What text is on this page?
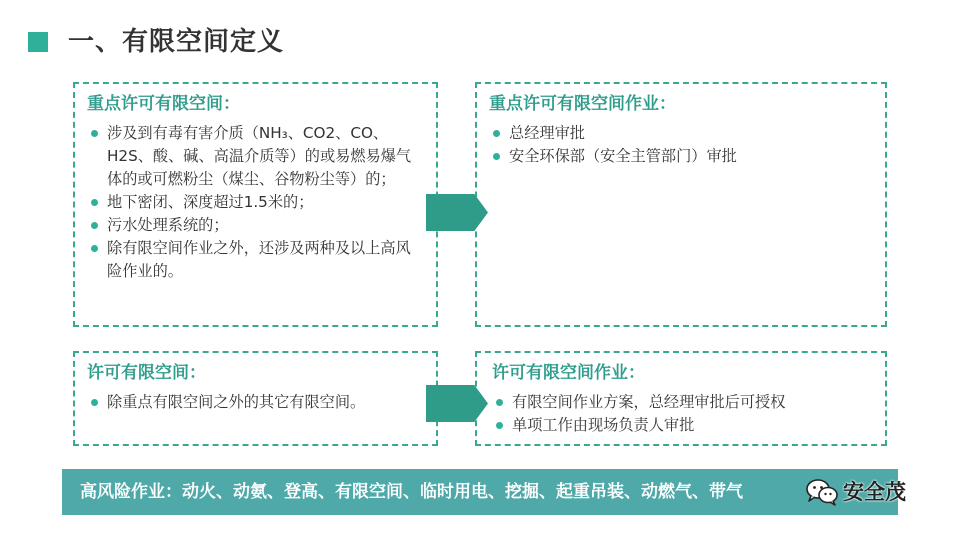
一、有限空间定义
重点许可有限空间：
涉及到有毒有害介质（NH₃、CO2、CO、H2S、酸、碱、高温介质等）的或易燃易爆气体的或可燃粉尘（煤尘、谷物粉尘等）的；
地下密闭、深度超过1.5米的；
污水处理系统的；
除有限空间作业之外，还涉及两种及以上高风险作业的。
重点许可有限空间作业：
总经理审批
安全环保部（安全主管部门）审批
许可有限空间：
除重点有限空间之外的其它有限空间。
许可有限空间作业：
有限空间作业方案，总经理审批后可授权
单项工作由现场负责人审批
高风险作业：动火、动氨、登高、有限空间、临时用电、挖掘、起重吊装、动燃气、带气	安全茂
